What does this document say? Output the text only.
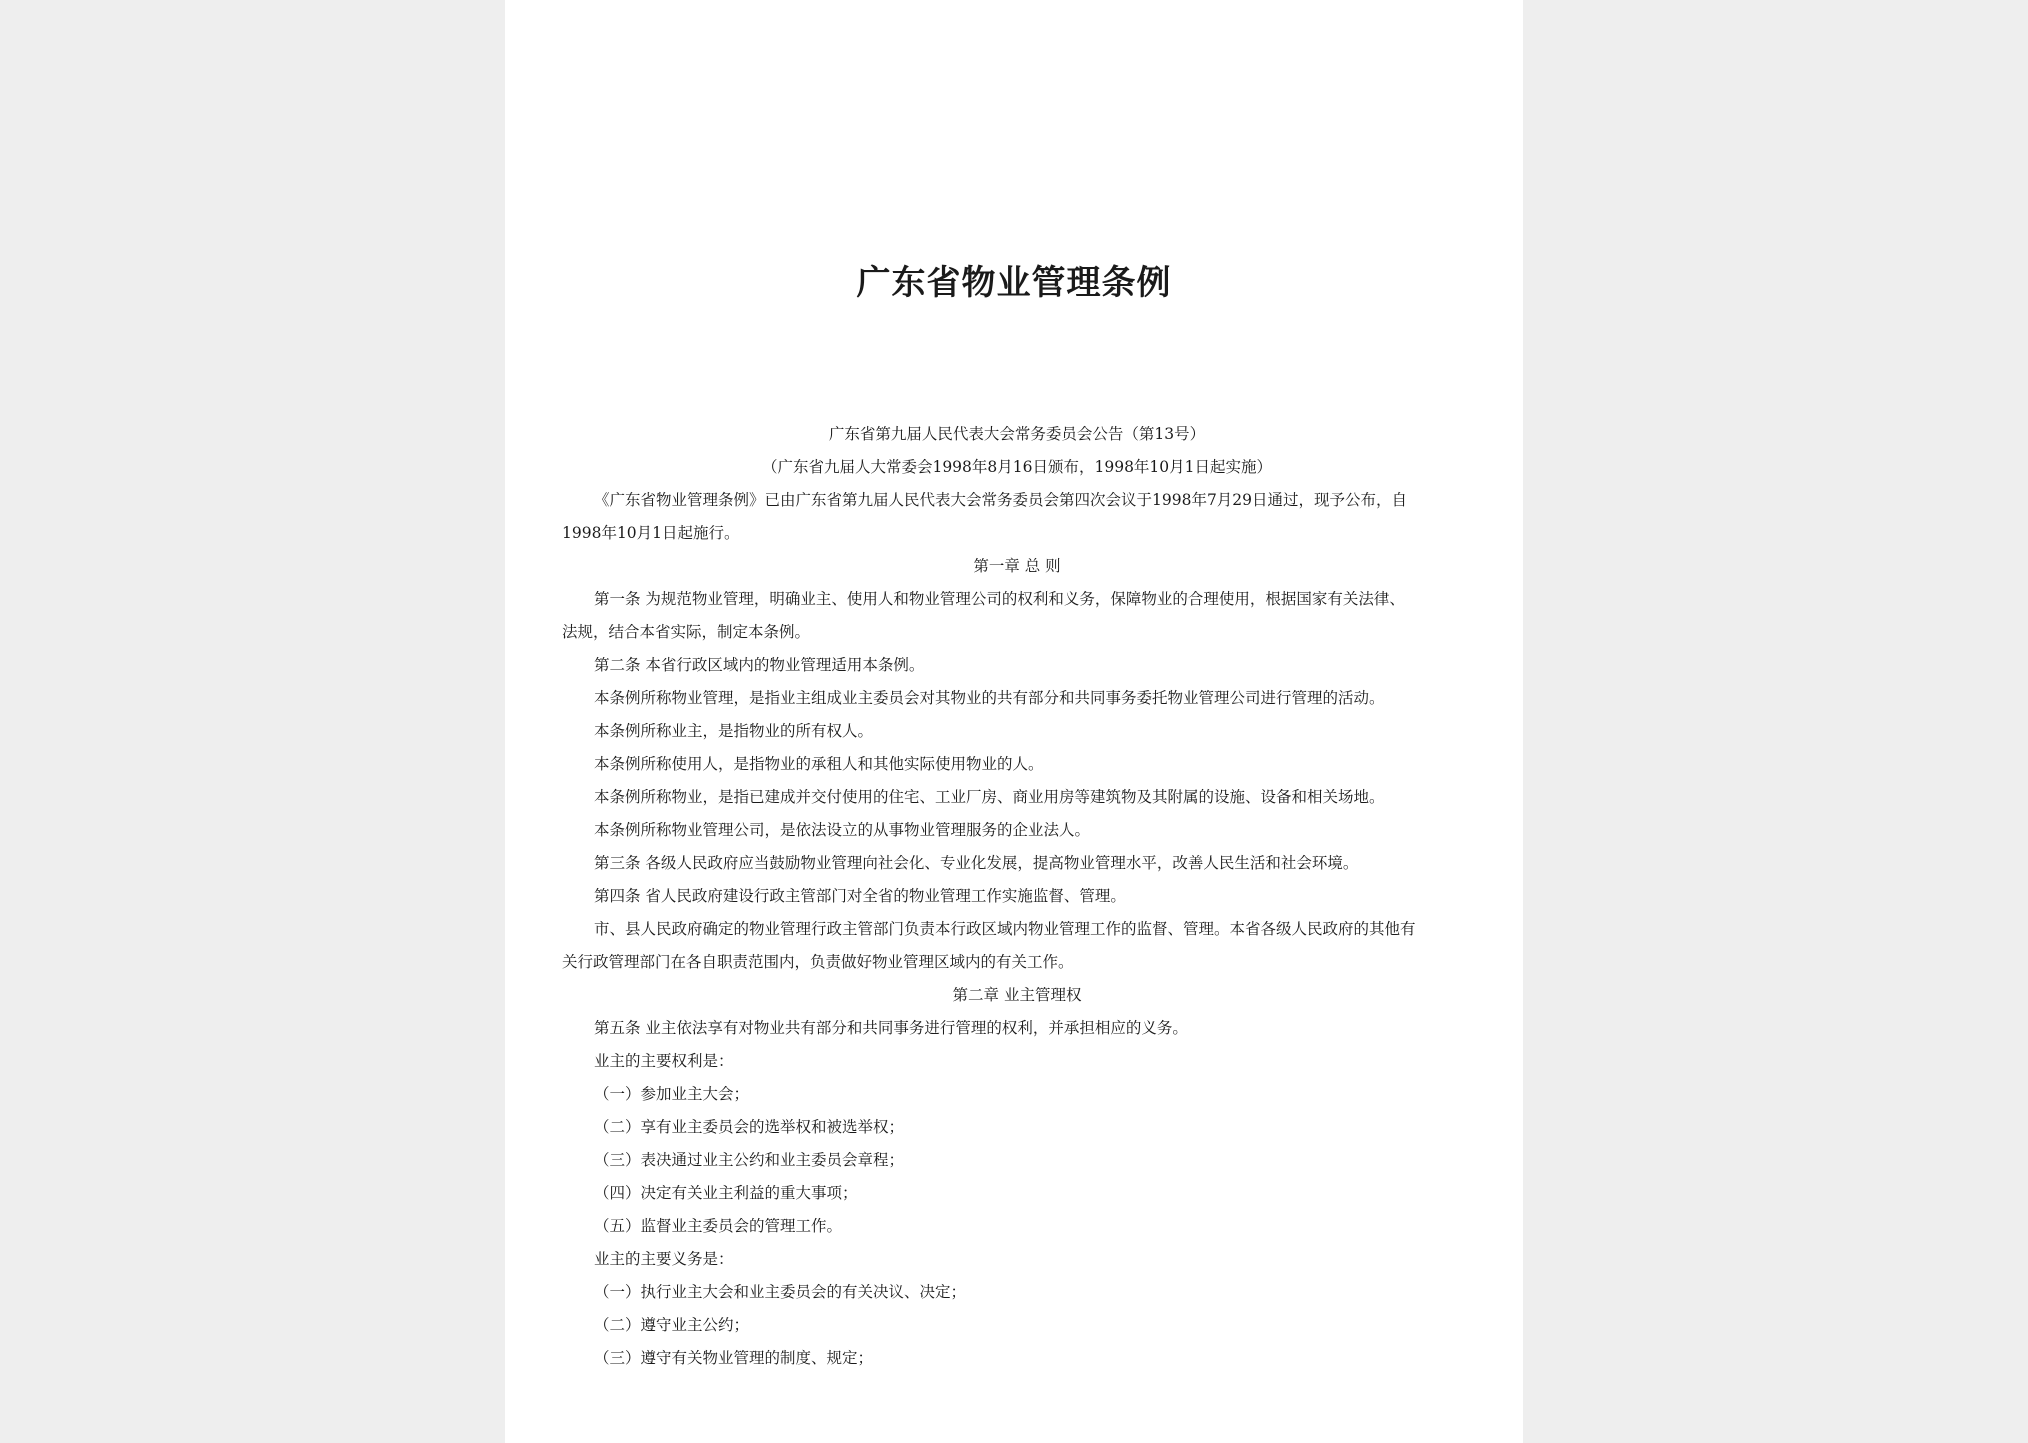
广东省物业管理条例
广东省第九届人民代表大会常务委员会公告（第13号）
（广东省九届人大常委会1998年8月16日颁布，1998年10月1日起实施）
《广东省物业管理条例》已由广东省第九届人民代表大会常务委员会第四次会议于1998年7月29日通过，现予公布，自
1998年10月1日起施行。
第一章 总 则
第一条 为规范物业管理，明确业主、使用人和物业管理公司的权利和义务，保障物业的合理使用，根据国家有关法律、
法规，结合本省实际，制定本条例。
第二条 本省行政区域内的物业管理适用本条例。
本条例所称物业管理，是指业主组成业主委员会对其物业的共有部分和共同事务委托物业管理公司进行管理的活动。
本条例所称业主，是指物业的所有权人。
本条例所称使用人，是指物业的承租人和其他实际使用物业的人。
本条例所称物业，是指已建成并交付使用的住宅、工业厂房、商业用房等建筑物及其附属的设施、设备和相关场地。
本条例所称物业管理公司，是依法设立的从事物业管理服务的企业法人。
第三条 各级人民政府应当鼓励物业管理向社会化、专业化发展，提高物业管理水平，改善人民生活和社会环境。
第四条 省人民政府建设行政主管部门对全省的物业管理工作实施监督、管理。
市、县人民政府确定的物业管理行政主管部门负责本行政区域内物业管理工作的监督、管理。本省各级人民政府的其他有
关行政管理部门在各自职责范围内，负责做好物业管理区域内的有关工作。
第二章 业主管理权
第五条 业主依法享有对物业共有部分和共同事务进行管理的权利，并承担相应的义务。
业主的主要权利是：
（一）参加业主大会；
（二）享有业主委员会的选举权和被选举权；
（三）表决通过业主公约和业主委员会章程；
（四）决定有关业主利益的重大事项；
（五）监督业主委员会的管理工作。
业主的主要义务是：
（一）执行业主大会和业主委员会的有关决议、决定；
（二）遵守业主公约；
（三）遵守有关物业管理的制度、规定；
